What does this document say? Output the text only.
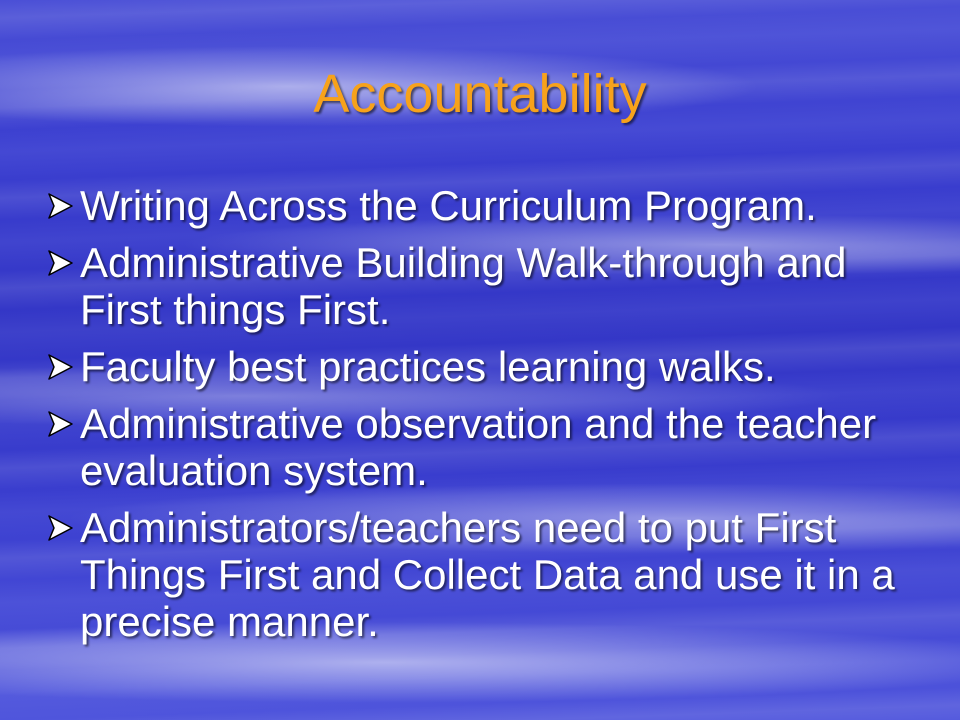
Accountability
Writing Across the Curriculum Program.
Administrative Building Walk-through and First things First.
Faculty best practices learning walks.
Administrative observation and the teacher evaluation system.
Administrators/teachers need to put First Things First and Collect Data and use it in a precise manner.
